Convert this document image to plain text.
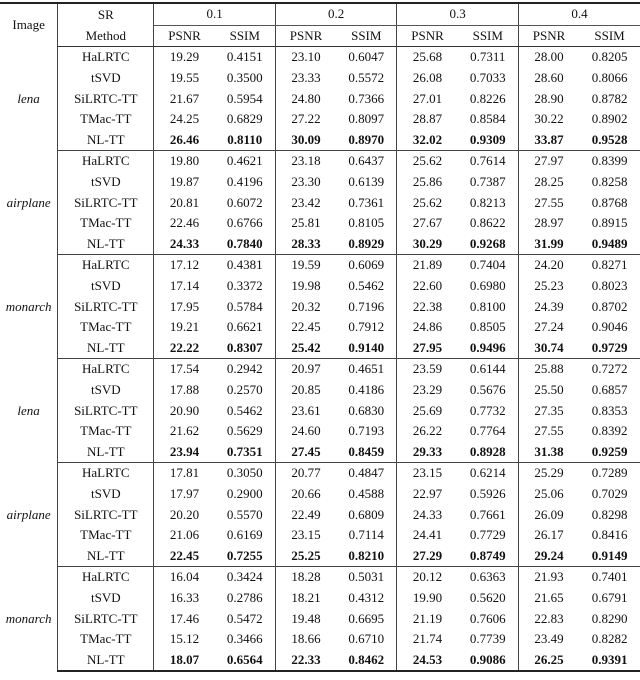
Image	SR	0.1		0.2		0.3		0.4	
	Method	PSNR	SSIM	PSNR	SSIM	PSNR	SSIM	PSNR	SSIM
lena	HaLRTC	19.29	0.4151	23.10	0.6047	25.68	0.7311	28.00	0.8205
	tSVD	19.55	0.3500	23.33	0.5572	26.08	0.7033	28.60	0.8066
	SiLRTC-TT	21.67	0.5954	24.80	0.7366	27.01	0.8226	28.90	0.8782
	TMac-TT	24.25	0.6829	27.22	0.8097	28.87	0.8584	30.22	0.8902
	NL-TT	26.46	0.8110	30.09	0.8970	32.02	0.9309	33.87	0.9528
airplane	HaLRTC	19.80	0.4621	23.18	0.6437	25.62	0.7614	27.97	0.8399
	tSVD	19.87	0.4196	23.30	0.6139	25.86	0.7387	28.25	0.8258
	SiLRTC-TT	20.81	0.6072	23.42	0.7361	25.62	0.8213	27.55	0.8768
	TMac-TT	22.46	0.6766	25.81	0.8105	27.67	0.8622	28.97	0.8915
	NL-TT	24.33	0.7840	28.33	0.8929	30.29	0.9268	31.99	0.9489
monarch	HaLRTC	17.12	0.4381	19.59	0.6069	21.89	0.7404	24.20	0.8271
	tSVD	17.14	0.3372	19.98	0.5462	22.60	0.6980	25.23	0.8023
	SiLRTC-TT	17.95	0.5784	20.32	0.7196	22.38	0.8100	24.39	0.8702
	TMac-TT	19.21	0.6621	22.45	0.7912	24.86	0.8505	27.24	0.9046
	NL-TT	22.22	0.8307	25.42	0.9140	27.95	0.9496	30.74	0.9729
lena	HaLRTC	17.54	0.2942	20.97	0.4651	23.59	0.6144	25.88	0.7272
	tSVD	17.88	0.2570	20.85	0.4186	23.29	0.5676	25.50	0.6857
	SiLRTC-TT	20.90	0.5462	23.61	0.6830	25.69	0.7732	27.35	0.8353
	TMac-TT	21.62	0.5629	24.60	0.7193	26.22	0.7764	27.55	0.8392
	NL-TT	23.94	0.7351	27.45	0.8459	29.33	0.8928	31.38	0.9259
airplane	HaLRTC	17.81	0.3050	20.77	0.4847	23.15	0.6214	25.29	0.7289
	tSVD	17.97	0.2900	20.66	0.4588	22.97	0.5926	25.06	0.7029
	SiLRTC-TT	20.20	0.5570	22.49	0.6809	24.33	0.7661	26.09	0.8298
	TMac-TT	21.06	0.6169	23.15	0.7114	24.41	0.7729	26.17	0.8416
	NL-TT	22.45	0.7255	25.25	0.8210	27.29	0.8749	29.24	0.9149
monarch	HaLRTC	16.04	0.3424	18.28	0.5031	20.12	0.6363	21.93	0.7401
	tSVD	16.33	0.2786	18.21	0.4312	19.90	0.5620	21.65	0.6791
	SiLRTC-TT	17.46	0.5472	19.48	0.6695	21.19	0.7606	22.83	0.8290
	TMac-TT	15.12	0.3466	18.66	0.6710	21.74	0.7739	23.49	0.8282
	NL-TT	18.07	0.6564	22.33	0.8462	24.53	0.9086	26.25	0.9391
